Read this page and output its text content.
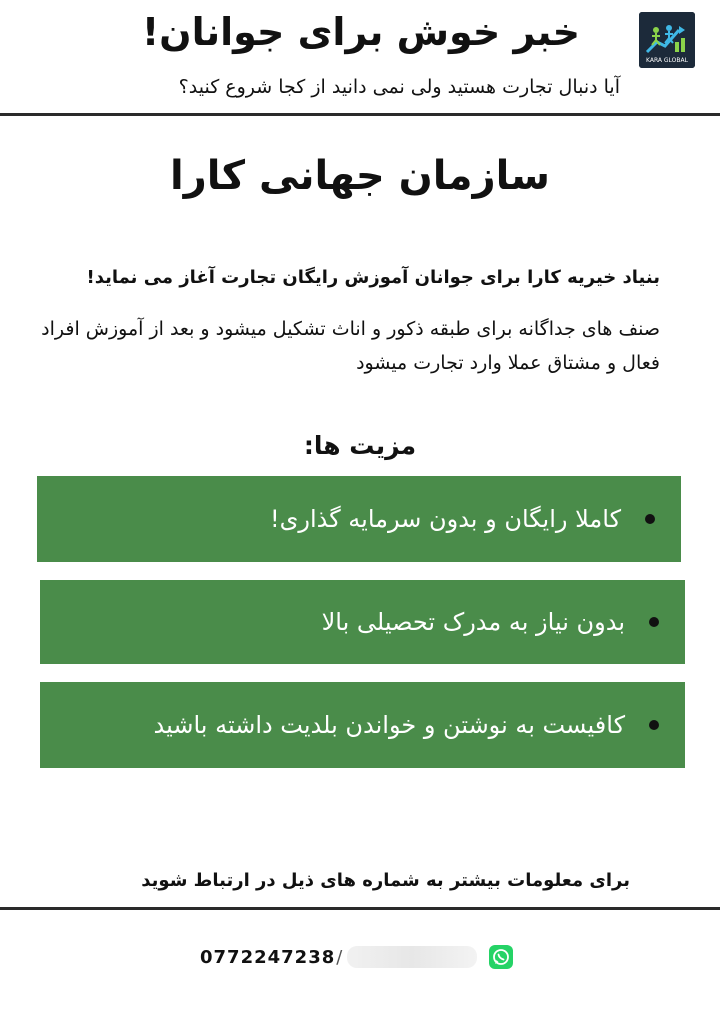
KARA GLOBAL
خبر خوش برای جوانان!
آیا دنبال تجارت هستید ولی نمی دانید از کجا شروع کنید؟
سازمان جهانی کارا
بنیاد خیریه کارا برای جوانان آموزش رایگان تجارت آغاز می نماید!
صنف های جداگانه برای طبقه ذکور و اناث تشکیل میشود و بعد از آموزش افراد فعال و مشتاق عملا وارد تجارت میشود
مزیت ها:
کاملا رایگان و بدون سرمایه گذاری!
بدون نیاز به مدرک تحصیلی بالا
کافیست به نوشتن و خواندن بلدیت داشته باشید
برای معلومات بیشتر به شماره های ذیل در ارتباط شوید
0772247238 /
